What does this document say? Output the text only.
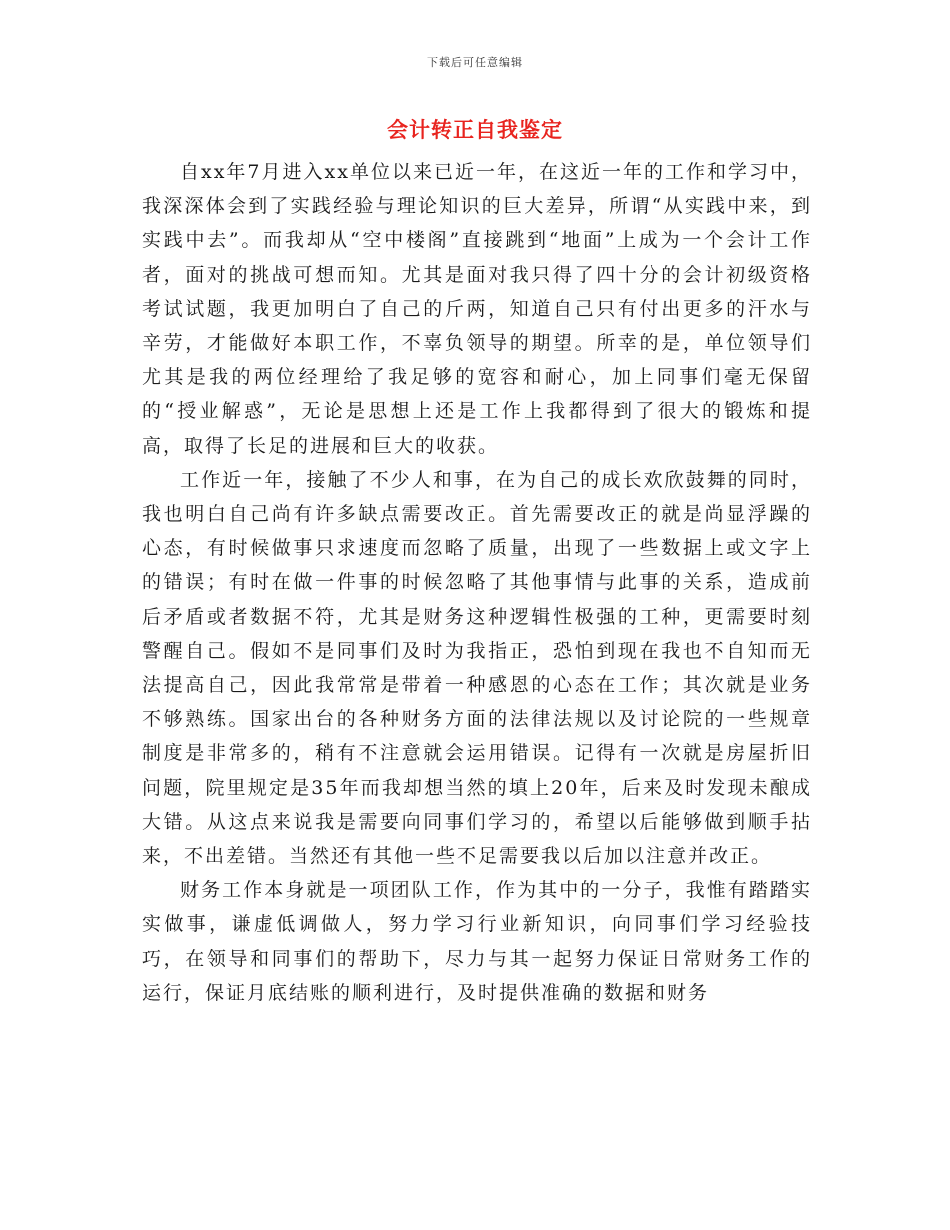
下载后可任意编辑
会计转正自我鉴定

自xx年7月进入xx单位以来已近一年，在这近一年的工作和学习中，我深深体会到了实践经验与理论知识的巨大差异，所谓“从实践中来，到实践中去”。而我却从“空中楼阁”直接跳到“地面”上成为一个会计工作者，面对的挑战可想而知。尤其是面对我只得了四十分的会计初级资格考试试题，我更加明白了自己的斤两，知道自己只有付出更多的汗水与辛劳，才能做好本职工作，不辜负领导的期望。所幸的是，单位领导们尤其是我的两位经理给了我足够的宽容和耐心，加上同事们毫无保留的“授业解惑”，无论是思想上还是工作上我都得到了很大的锻炼和提高，取得了长足的进展和巨大的收获。

工作近一年，接触了不少人和事，在为自己的成长欢欣鼓舞的同时，我也明白自己尚有许多缺点需要改正。首先需要改正的就是尚显浮躁的心态，有时候做事只求速度而忽略了质量，出现了一些数据上或文字上的错误；有时在做一件事的时候忽略了其他事情与此事的关系，造成前后矛盾或者数据不符，尤其是财务这种逻辑性极强的工种，更需要时刻警醒自己。假如不是同事们及时为我指正，恐怕到现在我也不自知而无法提高自己，因此我常常是带着一种感恩的心态在工作；其次就是业务不够熟练。国家出台的各种财务方面的法律法规以及讨论院的一些规章制度是非常多的，稍有不注意就会运用错误。记得有一次就是房屋折旧问题，院里规定是35年而我却想当然的填上20年，后来及时发现未酿成大错。从这点来说我是需要向同事们学习的，希望以后能够做到顺手拈来，不出差错。当然还有其他一些不足需要我以后加以注意并改正。

财务工作本身就是一项团队工作，作为其中的一分子，我惟有踏踏实实做事，谦虚低调做人，努力学习行业新知识，向同事们学习经验技巧，在领导和同事们的帮助下，尽力与其一起努力保证日常财务工作的运行，保证月底结账的顺利进行，及时提供准确的数据和财务
